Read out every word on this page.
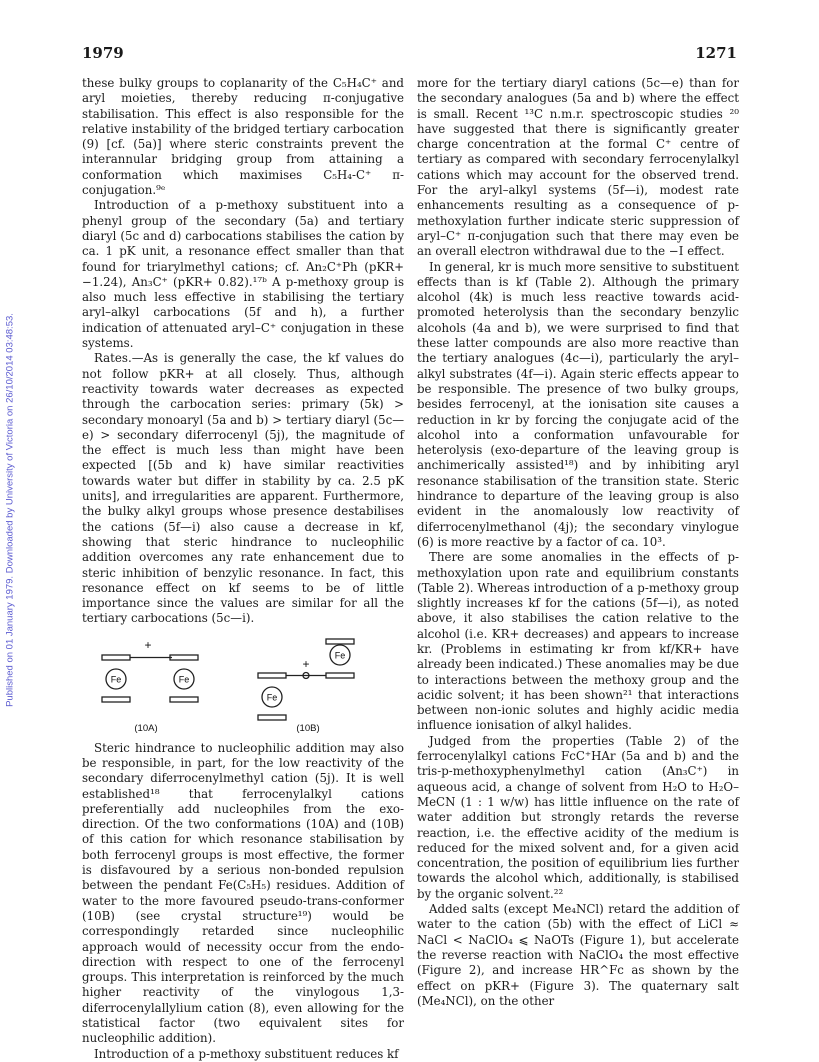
1979	1271
Published on 01 January 1979. Downloaded by University of Victoria on 26/10/2014 03:48:53.

these bulky groups to coplanarity of the C₅H₄C⁺ and aryl moieties, thereby reducing π-conjugative stabilisation. This effect is also responsible for the relative instability of the bridged tertiary carbocation (9) [cf. (5a)] where steric constraints prevent the interannular bridging group from attaining a conformation which maximises C₅H₄-C⁺ π-conjugation.⁹ᵉ

Introduction of a p-methoxy substituent into a phenyl group of the secondary (5a) and tertiary diaryl (5c and d) carbocations stabilises the cation by ca. 1 pK unit, a resonance effect smaller than that found for triarylmethyl cations; cf. An₂C⁺Ph (pKR+ −1.24), An₃C⁺ (pKR+ 0.82).¹⁷ᵇ A p-methoxy group is also much less effective in stabilising the tertiary aryl–alkyl carbocations (5f and h), a further indication of attenuated aryl–C⁺ conjugation in these systems.

Rates.—As is generally the case, the kf values do not follow pKR+ at all closely. Thus, although reactivity towards water decreases as expected through the carbocation series: primary (5k) > secondary monoaryl (5a and b) > tertiary diaryl (5c—e) > secondary diferrocenyl (5j), the magnitude of the effect is much less than might have been expected [(5b and k) have similar reactivities towards water but differ in stability by ca. 2.5 pK units], and irregularities are apparent. Furthermore, the bulky alkyl groups whose presence destabilises the cations (5f—i) also cause a decrease in kf, showing that steric hindrance to nucleophilic addition overcomes any rate enhancement due to steric inhibition of benzylic resonance. In fact, this resonance effect on kf seems to be of little importance since the values are similar for all the tertiary carbocations (5c—i).

Fe	Fe
Fe
Fe
+
+
(10A)	(10B)

Steric hindrance to nucleophilic addition may also be responsible, in part, for the low reactivity of the secondary diferrocenylmethyl cation (5j). It is well established¹⁸ that ferrocenylalkyl cations preferentially add nucleophiles from the exo-direction. Of the two conformations (10A) and (10B) of this cation for which resonance stabilisation by both ferrocenyl groups is most effective, the former is disfavoured by a serious non-bonded repulsion between the pendant Fe(C₅H₅) residues. Addition of water to the more favoured pseudo-trans-conformer (10B) (see crystal structure¹⁹) would be correspondingly retarded since nucleophilic approach would of necessity occur from the endo-direction with respect to one of the ferrocenyl groups. This interpretation is reinforced by the much higher reactivity of the vinylogous 1,3-diferrocenylallylium cation (8), even allowing for the statistical factor (two equivalent sites for nucleophilic addition).

Introduction of a p-methoxy substituent reduces kf

more for the tertiary diaryl cations (5c—e) than for the secondary analogues (5a and b) where the effect is small. Recent ¹³C n.m.r. spectroscopic studies ²⁰ have suggested that there is significantly greater charge concentration at the formal C⁺ centre of tertiary as compared with secondary ferrocenylalkyl cations which may account for the observed trend. For the aryl–alkyl systems (5f—i), modest rate enhancements resulting as a consequence of p-methoxylation further indicate steric suppression of aryl–C⁺ π-conjugation such that there may even be an overall electron withdrawal due to the −I effect.

In general, kr is much more sensitive to substituent effects than is kf (Table 2). Although the primary alcohol (4k) is much less reactive towards acid-promoted heterolysis than the secondary benzylic alcohols (4a and b), we were surprised to find that these latter compounds are also more reactive than the tertiary analogues (4c—i), particularly the aryl–alkyl substrates (4f—i). Again steric effects appear to be responsible. The presence of two bulky groups, besides ferrocenyl, at the ionisation site causes a reduction in kr by forcing the conjugate acid of the alcohol into a conformation unfavourable for heterolysis (exo-departure of the leaving group is anchimerically assisted¹⁸) and by inhibiting aryl resonance stabilisation of the transition state. Steric hindrance to departure of the leaving group is also evident in the anomalously low reactivity of diferrocenylmethanol (4j); the secondary vinylogue (6) is more reactive by a factor of ca. 10³.

There are some anomalies in the effects of p-methoxylation upon rate and equilibrium constants (Table 2). Whereas introduction of a p-methoxy group slightly increases kf for the cations (5f—i), as noted above, it also stabilises the cation relative to the alcohol (i.e. KR+ decreases) and appears to increase kr. (Problems in estimating kr from kf/KR+ have already been indicated.) These anomalies may be due to interactions between the methoxy group and the acidic solvent; it has been shown²¹ that interactions between non-ionic solutes and highly acidic media influence ionisation of alkyl halides.

Judged from the properties (Table 2) of the ferrocenylalkyl cations FcC⁺HAr (5a and b) and the tris-p-methoxyphenylmethyl cation (An₃C⁺) in aqueous acid, a change of solvent from H₂O to H₂O–MeCN (1 : 1 w/w) has little influence on the rate of water addition but strongly retards the reverse reaction, i.e. the effective acidity of the medium is reduced for the mixed solvent and, for a given acid concentration, the position of equilibrium lies further towards the alcohol which, additionally, is stabilised by the organic solvent.²²

Added salts (except Me₄NCl) retard the addition of water to the cation (5b) with the effect of LiCl ≈ NaCl < NaClO₄ ⩽ NaOTs (Figure 1), but accelerate the reverse reaction with NaClO₄ the most effective (Figure 2), and increase HR^Fc as shown by the effect on pKR+ (Figure 3). The quaternary salt (Me₄NCl), on the other
